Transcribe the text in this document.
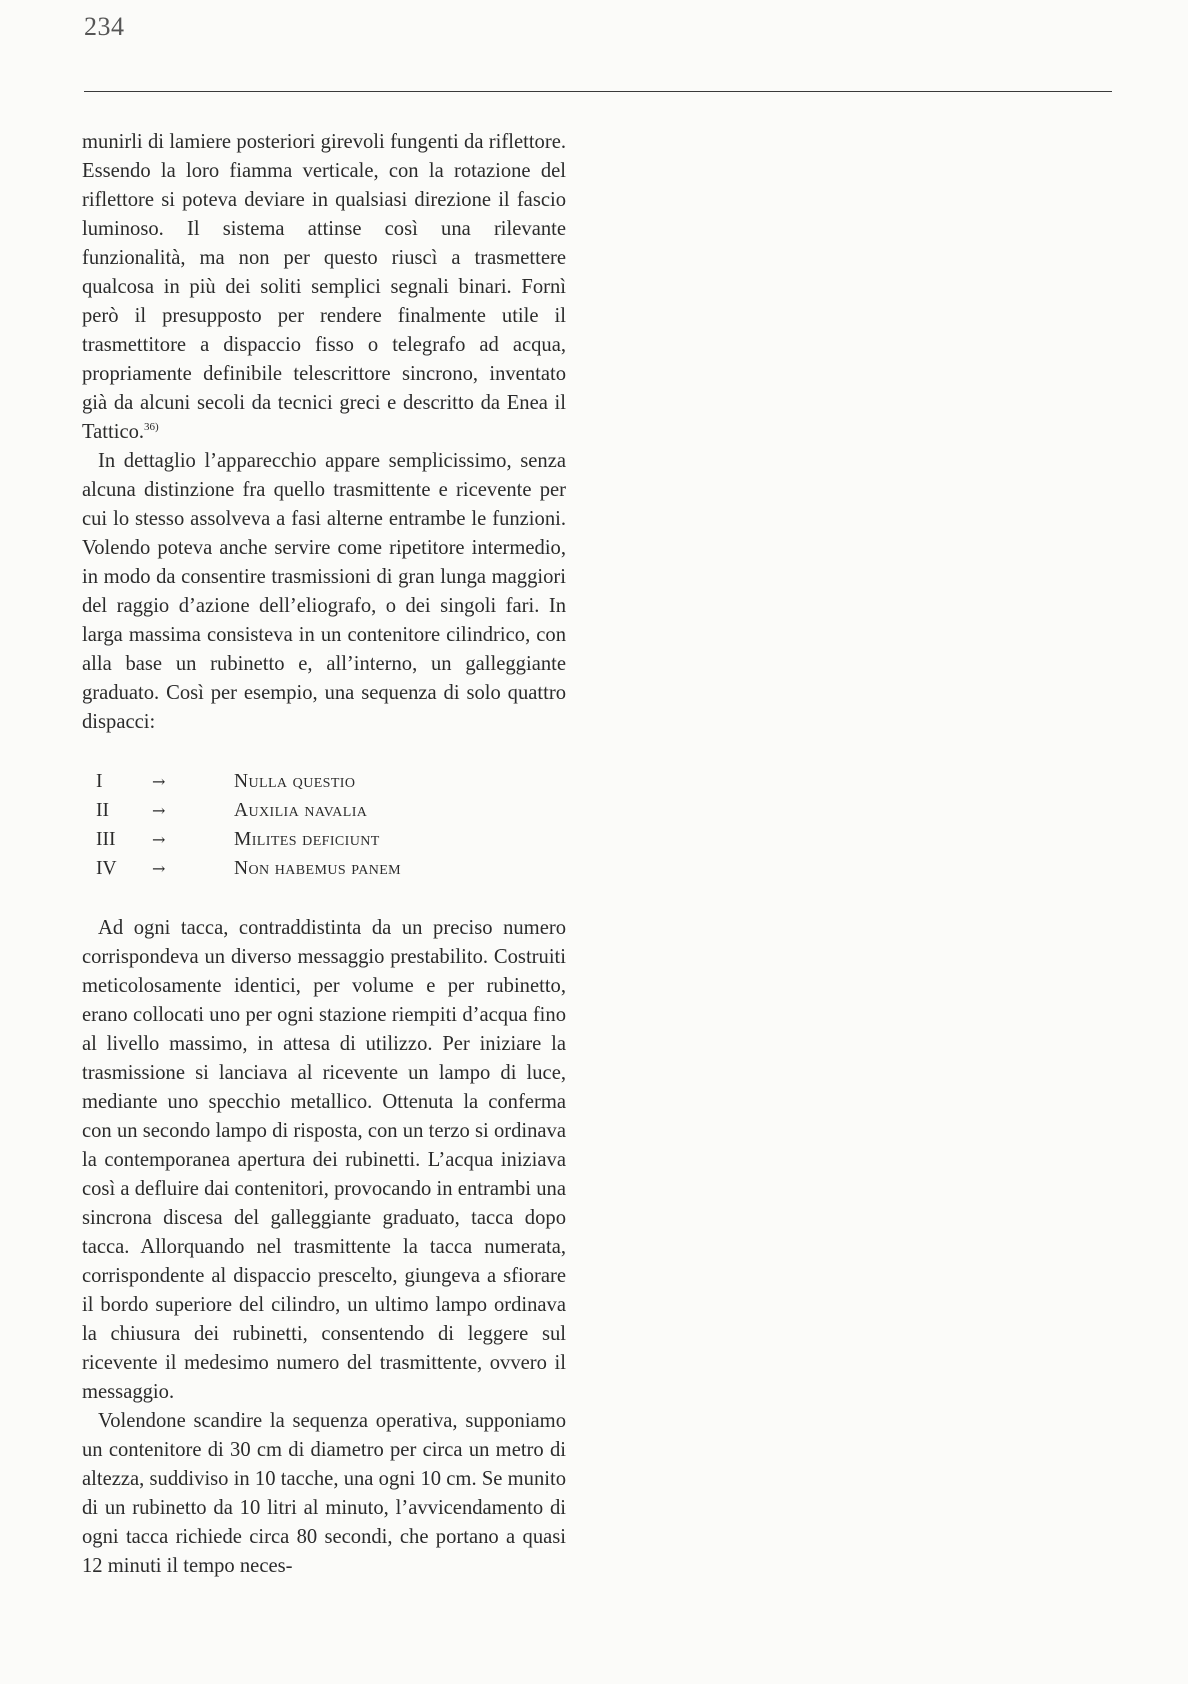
234

munirli di lamiere posteriori girevoli fungenti da riflettore. Essendo la loro fiamma verticale, con la rotazione del riflettore si poteva deviare in qualsiasi direzione il fascio luminoso. Il sistema attinse così una rilevante funzionalità, ma non per questo riuscì a trasmettere qualcosa in più dei soliti semplici segnali binari. Fornì però il presupposto per rendere finalmente utile il trasmettitore a dispaccio fisso o telegrafo ad acqua, propriamente definibile telescrittore sincrono, inventato già da alcuni secoli da tecnici greci e descritto da Enea il Tattico.$^{36)}$

In dettaglio l’apparecchio appare semplicissimo, senza alcuna distinzione fra quello trasmittente e ricevente per cui lo stesso assolveva a fasi alterne entrambe le funzioni. Volendo poteva anche servire come ripetitore intermedio, in modo da consentire trasmissioni di gran lunga maggiori del raggio d’azione dell’eliografo, o dei singoli fari. In larga massima consisteva in un contenitore cilindrico, con alla base un rubinetto e, all’interno, un galleggiante graduato. Così per esempio, una sequenza di solo quattro dispacci:

I	→	Nulla questio
II	→	Auxilia navalia
III	→	Milites deficiunt
IV	→	Non habemus panem

Ad ogni tacca, contraddistinta da un preciso numero corrispondeva un diverso messaggio prestabilito. Costruiti meticolosamente identici, per volume e per rubinetto, erano collocati uno per ogni stazione riempiti d’acqua fino al livello massimo, in attesa di utilizzo. Per iniziare la trasmissione si lanciava al ricevente un lampo di luce, mediante uno specchio metallico. Ottenuta la conferma con un secondo lampo di risposta, con un terzo si ordinava la contemporanea apertura dei rubinetti. L’acqua iniziava così a defluire dai contenitori, provocando in entrambi una sincrona discesa del galleggiante graduato, tacca dopo tacca. Allorquando nel trasmittente la tacca numerata, corrispondente al dispaccio prescelto, giungeva a sfiorare il bordo superiore del cilindro, un ultimo lampo ordinava la chiusura dei rubinetti, consentendo di leggere sul ricevente il medesimo numero del trasmittente, ovvero il messaggio.

Volendone scandire la sequenza operativa, supponiamo un contenitore di 30 cm di diametro per circa un metro di altezza, suddiviso in 10 tacche, una ogni 10 cm. Se munito di un rubinetto da 10 litri al minuto, l’avvicendamento di ogni tacca richiede circa 80 secondi, che portano a quasi 12 minuti il tempo neces-
